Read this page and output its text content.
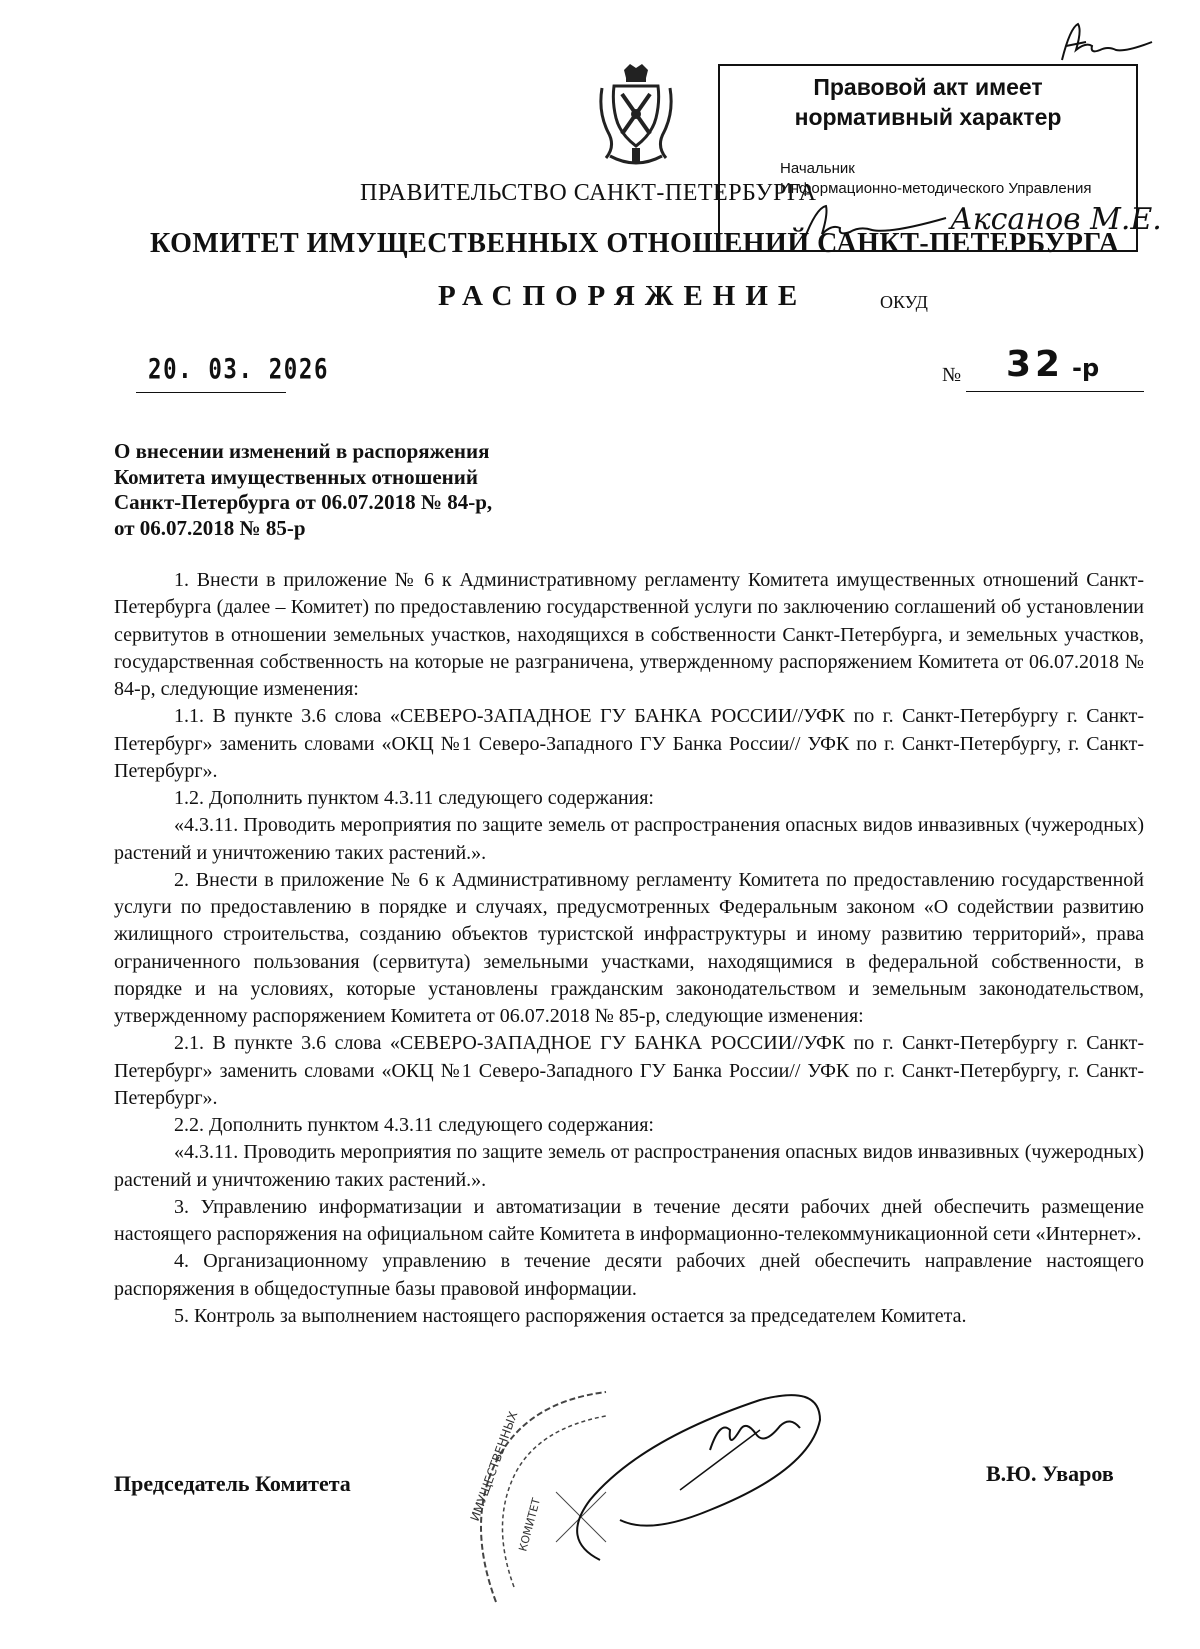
Правовой акт имеет
нормативный характер
Начальник
Информационно-методического Управления
Аксанов М.Е.
ПРАВИТЕЛЬСТВО САНКТ-ПЕТЕРБУРГА
КОМИТЕТ ИМУЩЕСТВЕННЫХ ОТНОШЕНИЙ САНКТ-ПЕТЕРБУРГА
РАСПОРЯЖЕНИЕ	ОКУД
20. 03. 2026	№ 32 -р
О внесении изменений в распоряжения
Комитета имущественных отношений
Санкт-Петербурга от 06.07.2018 № 84-р,
от 06.07.2018 № 85-р

1. Внести в приложение № 6 к Административному регламенту Комитета имущественных отношений Санкт-Петербурга (далее – Комитет) по предоставлению государственной услуги по заключению соглашений об установлении сервитутов в отношении земельных участков, находящихся в собственности Санкт-Петербурга, и земельных участков, государственная собственность на которые не разграничена, утвержденному распоряжением Комитета от 06.07.2018 № 84-р, следующие изменения:

1.1. В пункте 3.6 слова «СЕВЕРО-ЗАПАДНОЕ ГУ БАНКА РОССИИ//УФК по г. Санкт-Петербургу г. Санкт-Петербург» заменить словами «ОКЦ №1 Северо-Западного ГУ Банка России// УФК по г. Санкт-Петербургу, г. Санкт-Петербург».

1.2. Дополнить пунктом 4.3.11 следующего содержания:

«4.3.11. Проводить мероприятия по защите земель от распространения опасных видов инвазивных (чужеродных) растений и уничтожению таких растений.».

2. Внести в приложение № 6 к Административному регламенту Комитета по предоставлению государственной услуги по предоставлению в порядке и случаях, предусмотренных Федеральным законом «О содействии развитию жилищного строительства, созданию объектов туристской инфраструктуры и иному развитию территорий», права ограниченного пользования (сервитута) земельными участками, находящимися в федеральной собственности, в порядке и на условиях, которые установлены гражданским законодательством и земельным законодательством, утвержденному распоряжением Комитета от 06.07.2018 № 85-р, следующие изменения:

2.1. В пункте 3.6 слова «СЕВЕРО-ЗАПАДНОЕ ГУ БАНКА РОССИИ//УФК по г. Санкт-Петербургу г. Санкт-Петербург» заменить словами «ОКЦ №1 Северо-Западного ГУ Банка России// УФК по г. Санкт-Петербургу, г. Санкт-Петербург».

2.2. Дополнить пунктом 4.3.11 следующего содержания:

«4.3.11. Проводить мероприятия по защите земель от распространения опасных видов инвазивных (чужеродных) растений и уничтожению таких растений.».

3. Управлению информатизации и автоматизации в течение десяти рабочих дней обеспечить размещение настоящего распоряжения на официальном сайте Комитета в информационно-телекоммуникационной сети «Интернет».

4. Организационному управлению в течение десяти рабочих дней обеспечить направление настоящего распоряжения в общедоступные базы правовой информации.

5. Контроль за выполнением настоящего распоряжения остается за председателем Комитета.

ИМУЩЕСТВЕННЫХ
КОМИТЕТ
Председатель Комитета	В.Ю. Уваров
